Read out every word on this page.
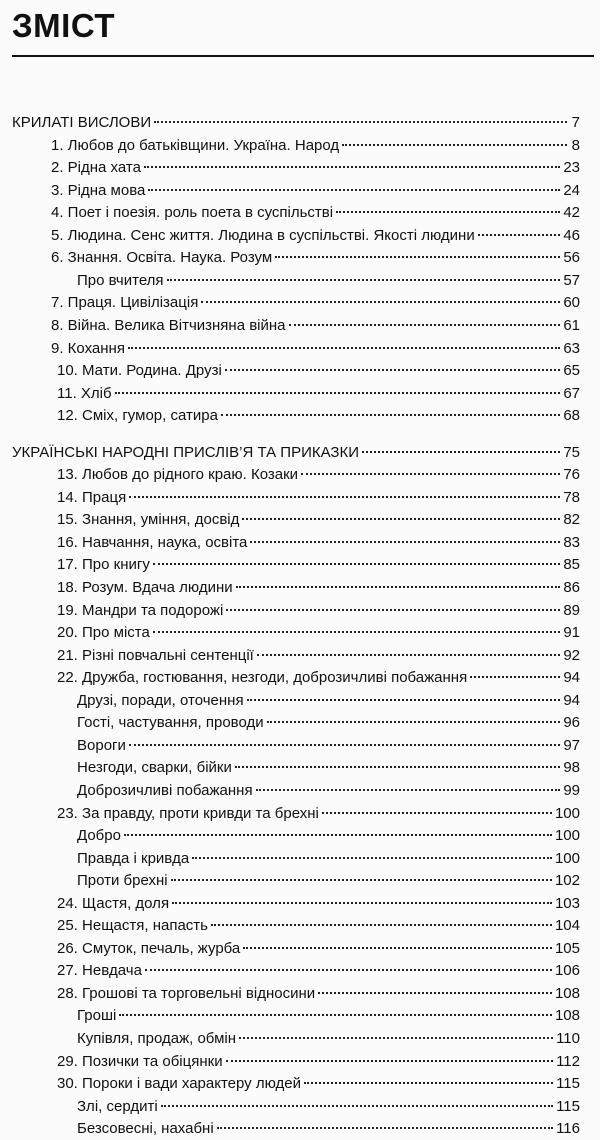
ЗМІСТ
КРИЛАТІ ВИСЛОВИ	7
1. Любов до батьківщини. Україна. Народ	8
2. Рідна хата	23
3. Рідна мова	24
4. Поет і поезія. роль поета в суспільстві	42
5. Людина. Сенс життя. Людина в суспільстві. Якості людини	46
6. Знання. Освіта. Наука. Розум	56
Про вчителя	57
7. Праця. Цивілізація	60
8. Війна. Велика Вітчизняна війна	61
9. Кохання	63
10. Мати. Родина. Друзі	65
11. Хліб	67
12. Сміх, гумор, сатира	68
УКРАЇНСЬКІ НАРОДНІ ПРИСЛІВ’Я ТА ПРИКАЗКИ	75
13. Любов до рідного краю. Козаки	76
14. Праця	78
15. Знання, уміння, досвід	82
16. Навчання, наука, освіта	83
17. Про книгу	85
18. Розум. Вдача людини	86
19. Мандри та подорожі	89
20. Про міста	91
21. Різні повчальні сентенції	92
22. Дружба, гостювання, незгоди, доброзичливі побажання	94
Друзі, поради, оточення	94
Гості, частування, проводи	96
Вороги	97
Незгоди, сварки, бійки	98
Доброзичливі побажання	99
23. За правду, проти кривди та брехні	100
Добро	100
Правда і кривда	100
Проти брехні	102
24. Щастя, доля	103
25. Нещастя, напасть	104
26. Смуток, печаль, журба	105
27. Невдача	106
28. Грошові та торговельні відносини	108
Гроші	108
Купівля, продаж, обмін	110
29. Позички та обіцянки	112
30. Пороки і вади характеру людей	115
Злі, сердиті	115
Безсовесні, нахабні	116
